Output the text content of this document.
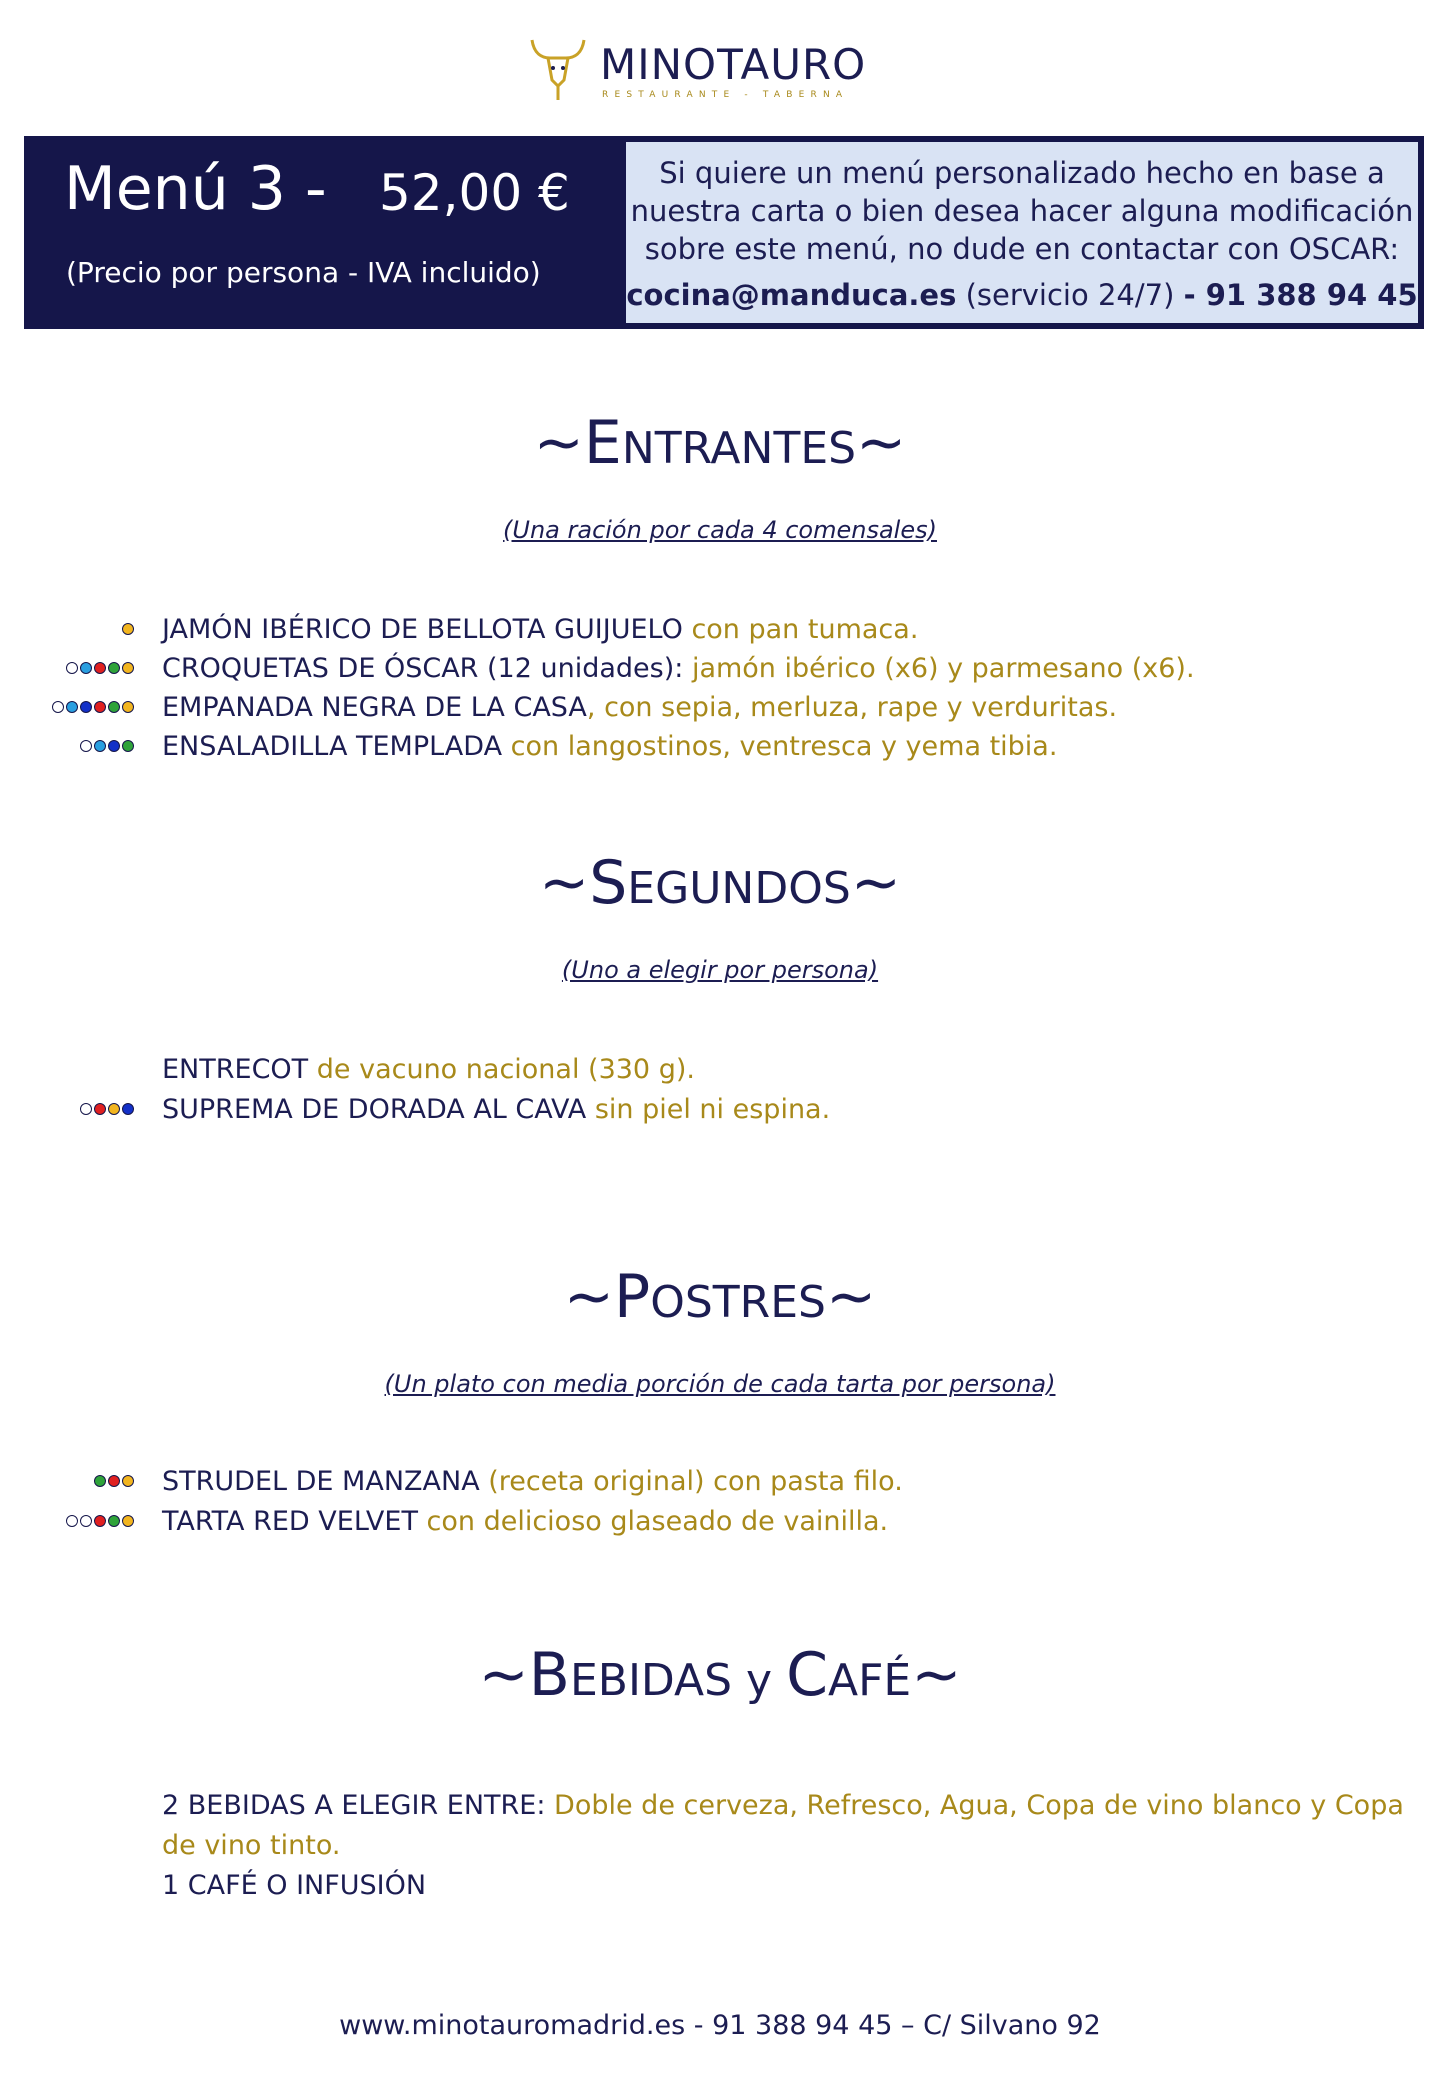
MINOTAURO
RESTAURANTE - TABERNA
Menú 3 - 52,00 €
(Precio por persona - IVA incluido)
Si quiere un menú personalizado hecho en base a nuestra carta o bien desea hacer alguna modificación sobre este menú, no dude en contactar con OSCAR:
cocina@manduca.es (servicio 24/7) - 91 388 94 45
~ENTRANTES~
(Una ración por cada 4 comensales)
JAMÓN IBÉRICO DE BELLOTA GUIJUELO con pan tumaca.
CROQUETAS DE ÓSCAR (12 unidades): jamón ibérico (x6) y parmesano (x6).
EMPANADA NEGRA DE LA CASA, con sepia, merluza, rape y verduritas.
ENSALADILLA TEMPLADA con langostinos, ventresca y yema tibia.
~SEGUNDOS~
(Uno a elegir por persona)
ENTRECOT de vacuno nacional (330 g).
SUPREMA DE DORADA AL CAVA sin piel ni espina.
~POSTRES~
(Un plato con media porción de cada tarta por persona)
STRUDEL DE MANZANA (receta original) con pasta filo.
TARTA RED VELVET con delicioso glaseado de vainilla.
~BEBIDAS y CAFÉ~
2 BEBIDAS A ELEGIR ENTRE: Doble de cerveza, Refresco, Agua, Copa de vino blanco y Copa de vino tinto.
1 CAFÉ O INFUSIÓN
www.minotauromadrid.es - 91 388 94 45 – C/ Silvano 92
